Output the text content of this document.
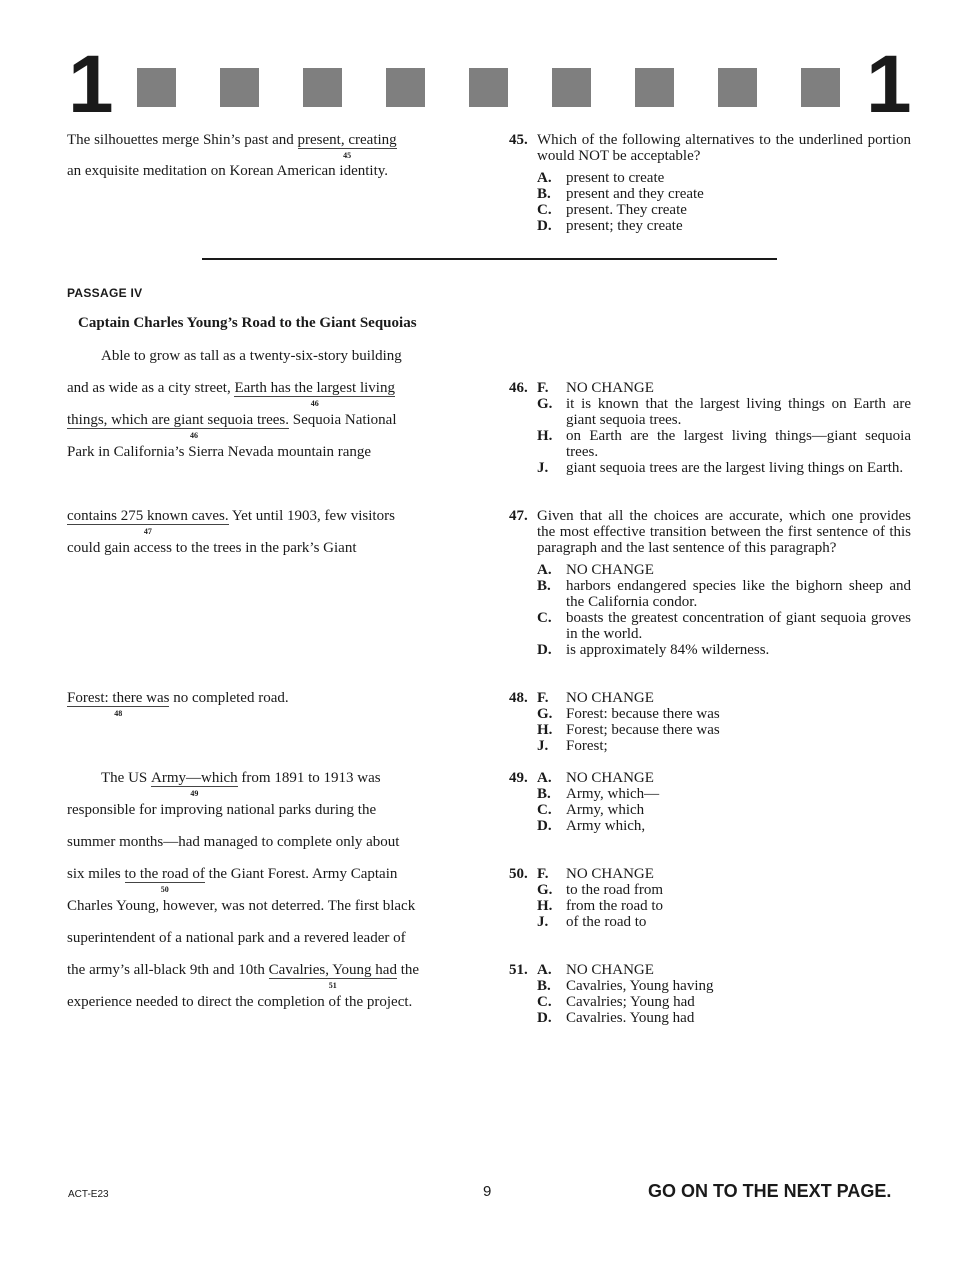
1	1
The silhouettes merge Shin’s past and present, creating
45
an exquisite meditation on Korean American identity.
45. Which of the following alternatives to the underlined portion would NOT be acceptable?
A. present to create
B. present and they create
C. present. They create
D. present; they create
PASSAGE IV
Captain Charles Young’s Road to the Giant Sequoias
Able to grow as tall as a twenty-six-story building
and as wide as a city street, Earth has the largest living
46
things, which are giant sequoia trees.
46
Sequoia National
Park in California’s Sierra Nevada mountain range
contains 275 known caves.
47
Yet until 1903, few visitors
could gain access to the trees in the park’s Giant
Forest: there was
48
no completed road.
The US Army—which
49
from 1891 to 1913 was
responsible for improving national parks during the
summer months—had managed to complete only about
six miles to the road of
50
the Giant Forest. Army Captain
Charles Young, however, was not deterred. The first black
superintendent of a national park and a revered leader of
the army’s all-black 9th and 10th Cavalries, Young had
51
the
experience needed to direct the completion of the project.
46. F. NO CHANGE
G. it is known that the largest living things on Earth are giant sequoia trees.
H. on Earth are the largest living things—giant sequoia trees.
J. giant sequoia trees are the largest living things on Earth.
47. Given that all the choices are accurate, which one provides the most effective transition between the first sentence of this paragraph and the last sentence of this paragraph?
A. NO CHANGE
B. harbors endangered species like the bighorn sheep and the California condor.
C. boasts the greatest concentration of giant sequoia groves in the world.
D. is approximately 84% wilderness.
48. F. NO CHANGE
G. Forest: because there was
H. Forest; because there was
J. Forest;
49. A. NO CHANGE
B. Army, which—
C. Army, which
D. Army which,
50. F. NO CHANGE
G. to the road from
H. from the road to
J. of the road to
51. A. NO CHANGE
B. Cavalries, Young having
C. Cavalries; Young had
D. Cavalries. Young had
ACT-E23	9	GO ON TO THE NEXT PAGE.
